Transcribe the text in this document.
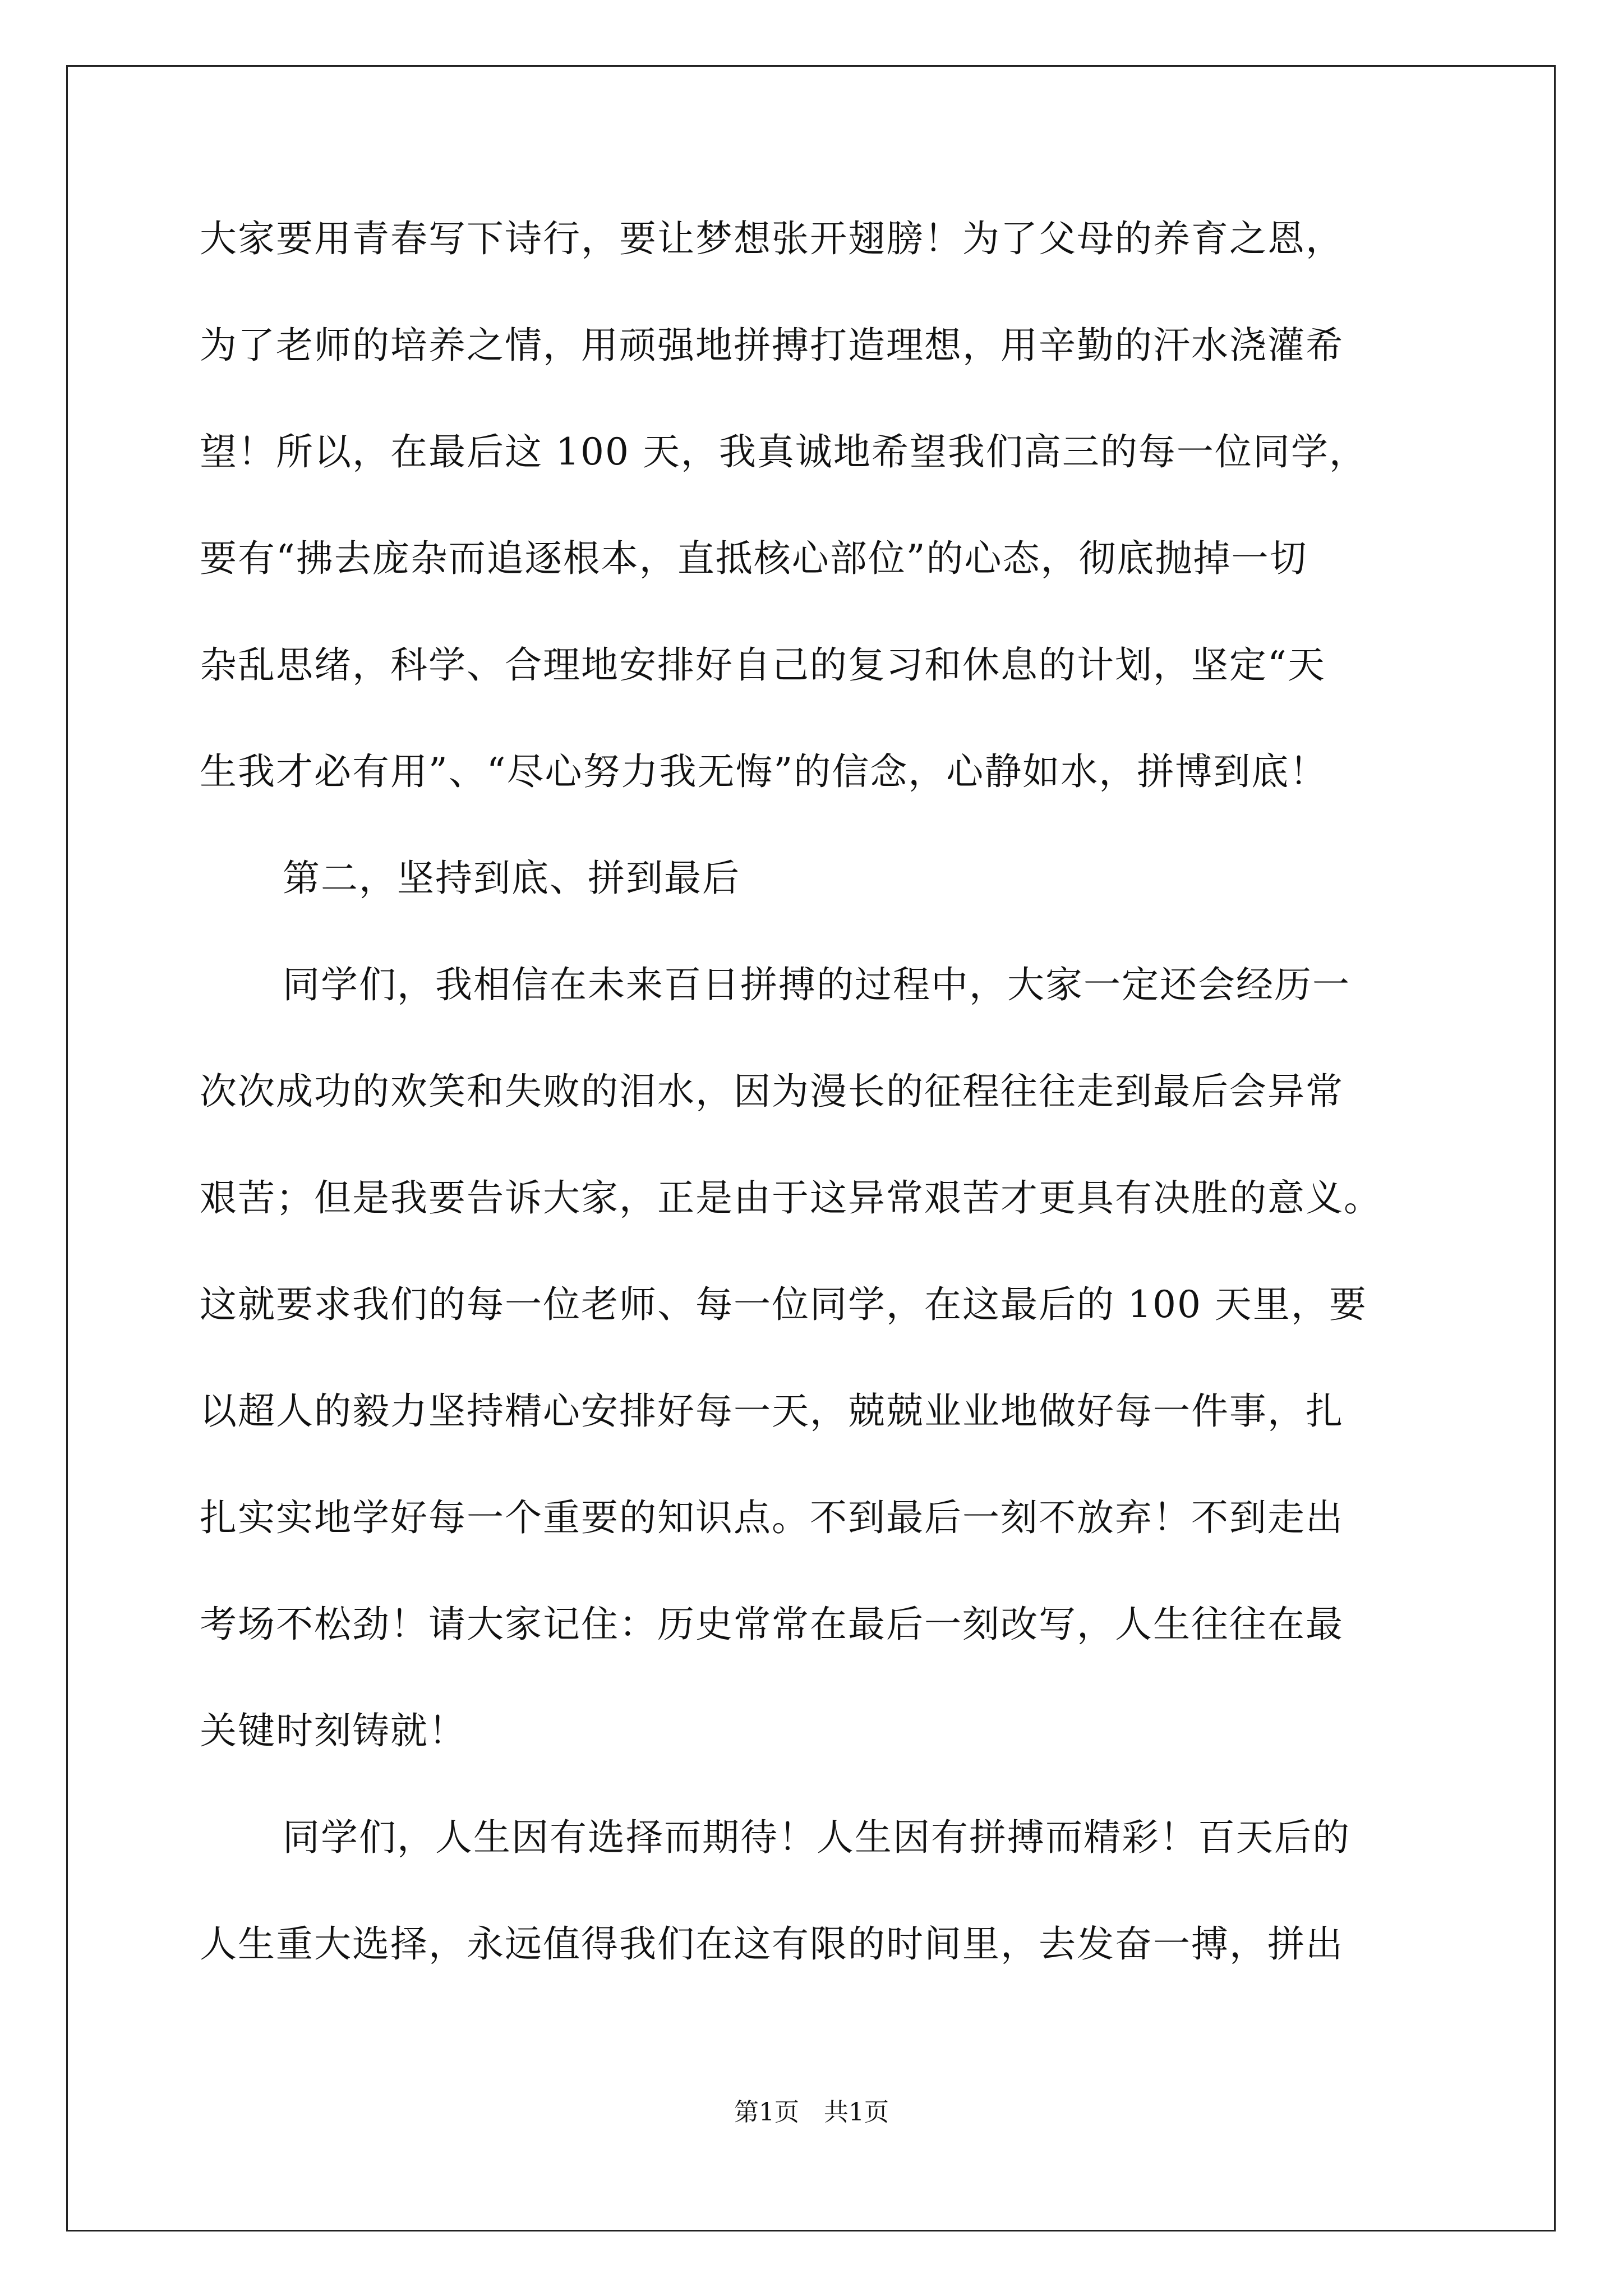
大家要用青春写下诗行，要让梦想张开翅膀！为了父母的养育之恩，
为了老师的培养之情，用顽强地拼搏打造理想，用辛勤的汗水浇灌希
望！所以，在最后这 100 天，我真诚地希望我们高三的每一位同学，
要有“拂去庞杂而追逐根本，直抵核心部位”的心态，彻底抛掉一切
杂乱思绪，科学、合理地安排好自己的复习和休息的计划，坚定“天
生我才必有用”、“尽心努力我无悔”的信念，心静如水，拼博到底！
第二，坚持到底、拼到最后
同学们，我相信在未来百日拼搏的过程中，大家一定还会经历一
次次成功的欢笑和失败的泪水，因为漫长的征程往往走到最后会异常
艰苦；但是我要告诉大家，正是由于这异常艰苦才更具有决胜的意义。
这就要求我们的每一位老师、每一位同学，在这最后的 100 天里，要
以超人的毅力坚持精心安排好每一天，兢兢业业地做好每一件事，扎
扎实实地学好每一个重要的知识点。不到最后一刻不放弃！不到走出
考场不松劲！请大家记住：历史常常在最后一刻改写，人生往往在最
关键时刻铸就！
同学们，人生因有选择而期待！人生因有拼搏而精彩！百天后的
人生重大选择，永远值得我们在这有限的时间里，去发奋一搏，拼出
第1页 共1页
